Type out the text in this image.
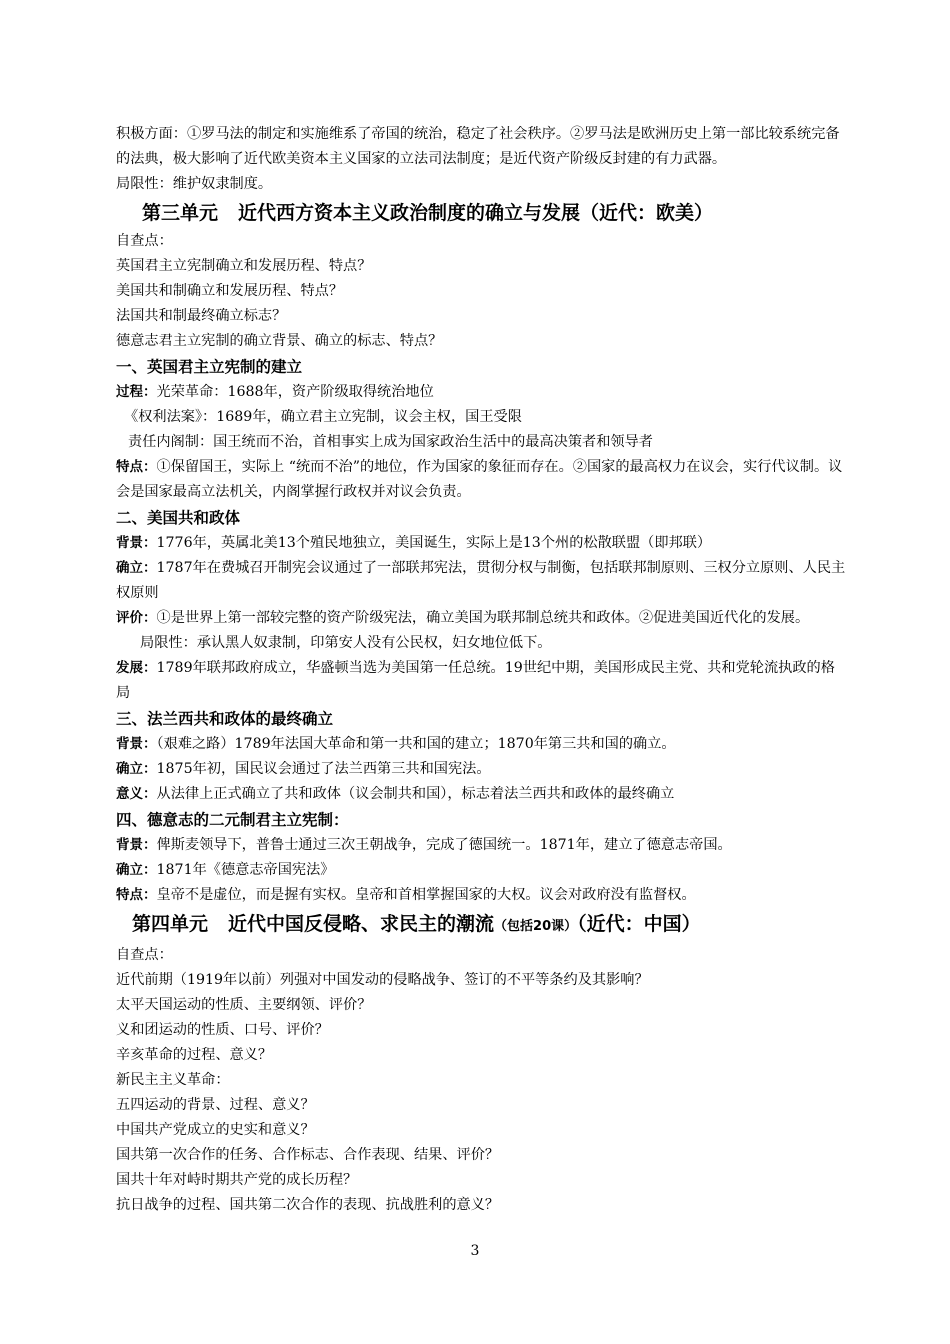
积极方面：①罗马法的制定和实施维系了帝国的统治，稳定了社会秩序。②罗马法是欧洲历史上第一部比较系统完备的法典，极大影响了近代欧美资本主义国家的立法司法制度；是近代资产阶级反封建的有力武器。

局限性：维护奴隶制度。

第三单元 近代西方资本主义政治制度的确立与发展（近代：欧美）

自查点：

英国君主立宪制确立和发展历程、特点？

美国共和制确立和发展历程、特点？

法国共和制最终确立标志？

德意志君主立宪制的确立背景、确立的标志、特点？

一、英国君主立宪制的建立

过程：光荣革命：1688年，资产阶级取得统治地位

《权利法案》：1689年，确立君主立宪制，议会主权，国王受限

责任内阁制：国王统而不治，首相事实上成为国家政治生活中的最高决策者和领导者

特点：①保留国王，实际上 “统而不治”的地位，作为国家的象征而存在。②国家的最高权力在议会，实行代议制。议会是国家最高立法机关，内阁掌握行政权并对议会负责。

二、美国共和政体

背景：1776年，英属北美13个殖民地独立，美国诞生，实际上是13个州的松散联盟（即邦联）

确立：1787年在费城召开制宪会议通过了一部联邦宪法，贯彻分权与制衡，包括联邦制原则、三权分立原则、人民主权原则

评价：①是世界上第一部较完整的资产阶级宪法，确立美国为联邦制总统共和政体。②促进美国近代化的发展。局限性：承认黑人奴隶制，印第安人没有公民权，妇女地位低下。

发展：1789年联邦政府成立，华盛顿当选为美国第一任总统。19世纪中期，美国形成民主党、共和党轮流执政的格局

三、法兰西共和政体的最终确立

背景：（艰难之路）1789年法国大革命和第一共和国的建立；1870年第三共和国的确立。

确立：1875年初，国民议会通过了法兰西第三共和国宪法。

意义：从法律上正式确立了共和政体（议会制共和国），标志着法兰西共和政体的最终确立

四、德意志的二元制君主立宪制：

背景：俾斯麦领导下，普鲁士通过三次王朝战争，完成了德国统一。1871年，建立了德意志帝国。

确立：1871年《德意志帝国宪法》

特点：皇帝不是虚位，而是握有实权。皇帝和首相掌握国家的大权。议会对政府没有监督权。

第四单元 近代中国反侵略、求民主的潮流（包括20课）（近代：中国）

自查点：

近代前期（1919年以前）列强对中国发动的侵略战争、签订的不平等条约及其影响？

太平天国运动的性质、主要纲领、评价？

义和团运动的性质、口号、评价？

辛亥革命的过程、意义？

新民主主义革命：

五四运动的背景、过程、意义？

中国共产党成立的史实和意义？

国共第一次合作的任务、合作标志、合作表现、结果、评价？

国共十年对峙时期共产党的成长历程？

抗日战争的过程、国共第二次合作的表现、抗战胜利的意义？

3
